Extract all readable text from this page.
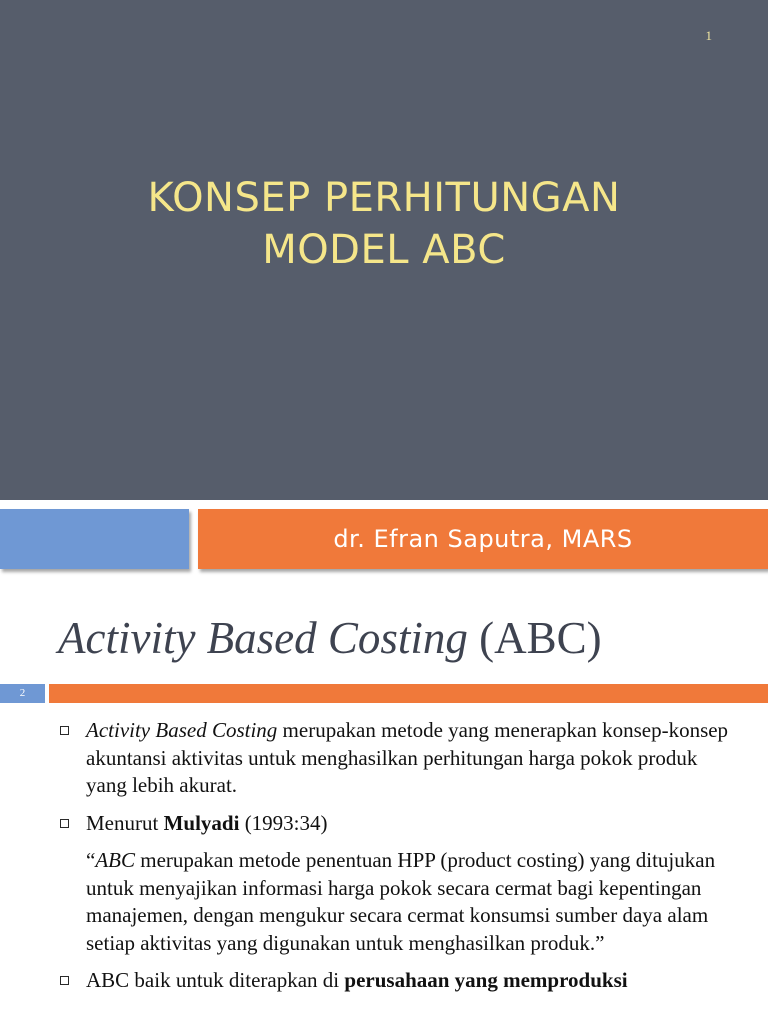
1
KONSEP PERHITUNGAN
MODEL ABC
dr. Efran Saputra, MARS
Activity Based Costing (ABC)
2
Activity Based Costing merupakan metode yang menerapkan konsep-konsep akuntansi aktivitas untuk menghasilkan perhitungan harga pokok produk yang lebih akurat.
Menurut Mulyadi (1993:34)
“ABC merupakan metode penentuan HPP (product costing) yang ditujukan untuk menyajikan informasi harga pokok secara cermat bagi kepentingan manajemen, dengan mengukur secara cermat konsumsi sumber daya alam setiap aktivitas yang digunakan untuk menghasilkan produk.”
ABC baik untuk diterapkan di perusahaan yang memproduksi
